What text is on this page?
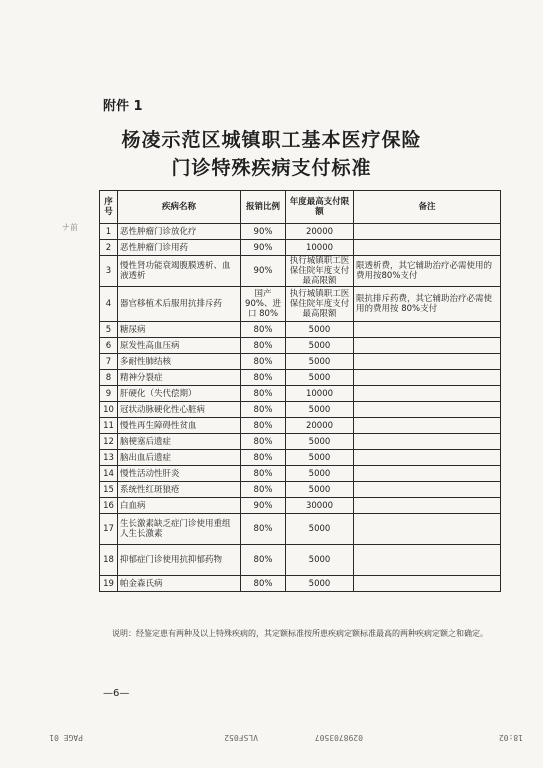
附件 1
杨凌示范区城镇职工基本医疗保险
门诊特殊疾病支付标准
ナ前
序号	疾病名称	报销比例	年度最高支付限额	备注
1	恶性肿瘤门诊放化疗	90%	20000	
2	恶性肿瘤门诊用药	90%	10000	
3	慢性肾功能衰竭腹膜透析、血液透析	90%	执行城镇职工医保住院年度支付最高限额	限透析费，其它辅助治疗必需使用的费用按80%支付
4	器官移植术后服用抗排斥药	国产 90%、进口 80%	执行城镇职工医保住院年度支付最高限额	限抗排斥药费，其它辅助治疗必需使用的费用按 80%支付
5	糖尿病	80%	5000	
6	原发性高血压病	80%	5000	
7	多耐性肺结核	80%	5000	
8	精神分裂症	80%	5000	
9	肝硬化（失代偿期）	80%	10000	
10	冠状动脉硬化性心脏病	80%	5000	
11	慢性再生障碍性贫血	80%	20000	
12	脑梗塞后遗症	80%	5000	
13	脑出血后遗症	80%	5000	
14	慢性活动性肝炎	80%	5000	
15	系统性红斑狼疮	80%	5000	
16	白血病	90%	30000	
17	生长激素缺乏症门诊使用重组人生长激素	80%	5000	
18	抑郁症门诊使用抗抑郁药物	80%	5000	
19	帕金森氏病	80%	5000	
说明：经鉴定患有两种及以上特殊疾病的，其定额标准按所患疾病定额标准最高的两种疾病定额之和确定。
—6—
18:02
0298703507
VLSF052
PAGE 01
